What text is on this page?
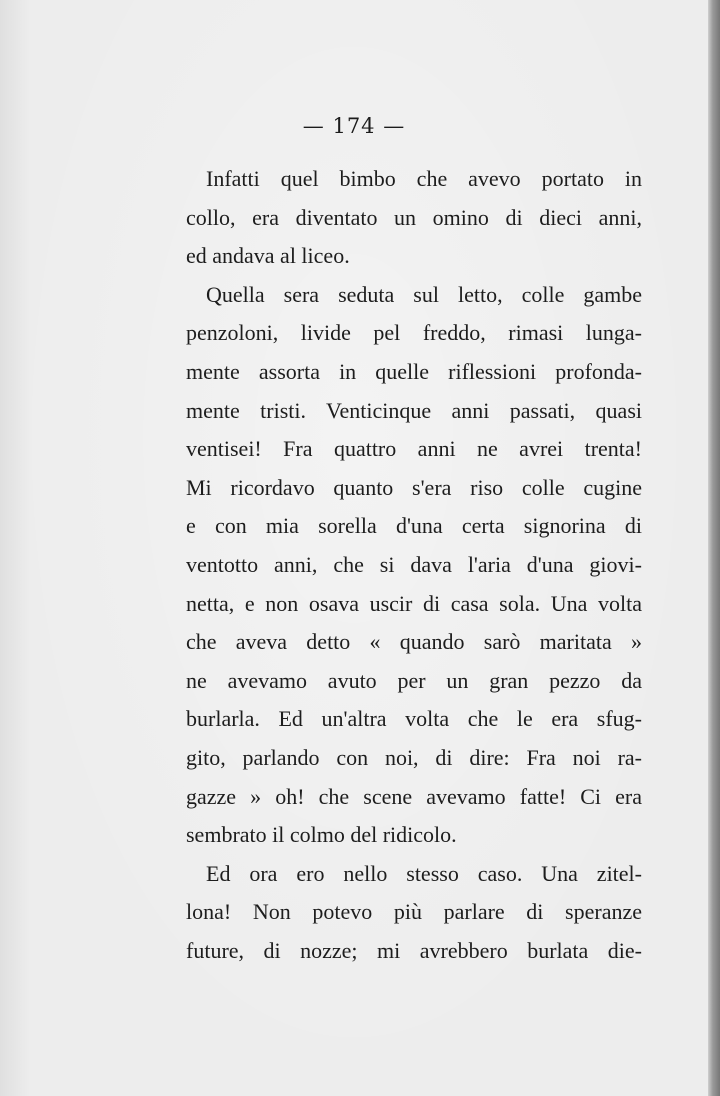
— 174 —
Infatti quel bimbo che avevo portato in
collo, era diventato un omino di dieci anni,
ed andava al liceo.
Quella sera seduta sul letto, colle gambe
penzoloni, livide pel freddo, rimasi lunga-
mente assorta in quelle riflessioni profonda-
mente tristi. Venticinque anni passati, quasi
ventisei! Fra quattro anni ne avrei trenta!
Mi ricordavo quanto s'era riso colle cugine
e con mia sorella d'una certa signorina di
ventotto anni, che si dava l'aria d'una giovi-
netta, e non osava uscir di casa sola. Una volta
che aveva detto « quando sarò maritata »
ne avevamo avuto per un gran pezzo da
burlarla. Ed un'altra volta che le era sfug-
gito, parlando con noi, di dire: Fra noi ra-
gazze » oh! che scene avevamo fatte! Ci era
sembrato il colmo del ridicolo.
Ed ora ero nello stesso caso. Una zitel-
lona! Non potevo più parlare di speranze
future, di nozze; mi avrebbero burlata die-
